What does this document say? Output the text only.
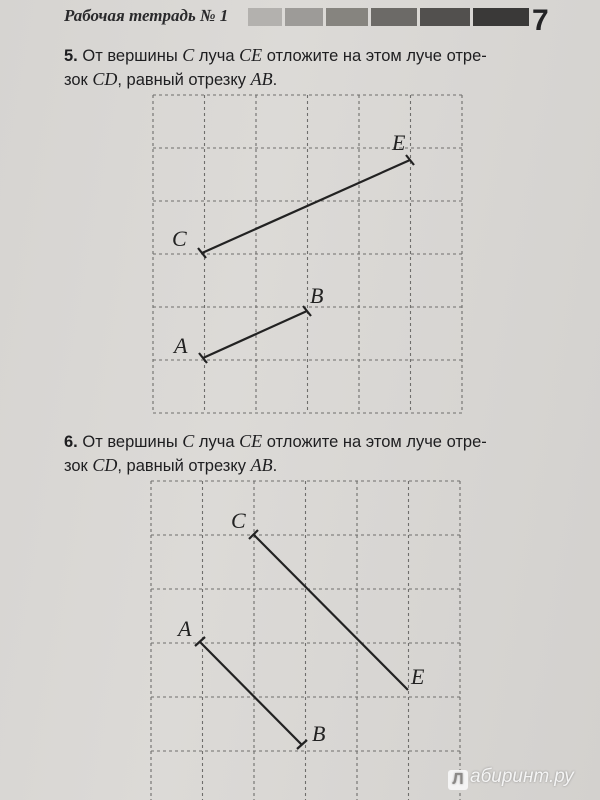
Рабочая тетрадь № 1	7
5. От вершины C луча CE отложите на этом луче отре-
зок CD, равный отрезку AB.
6. От вершины C луча CE отложите на этом луче отре-
зок CD, равный отрезку AB.
C
E
A
B
C
E
A
B
Л абиринт.ру
